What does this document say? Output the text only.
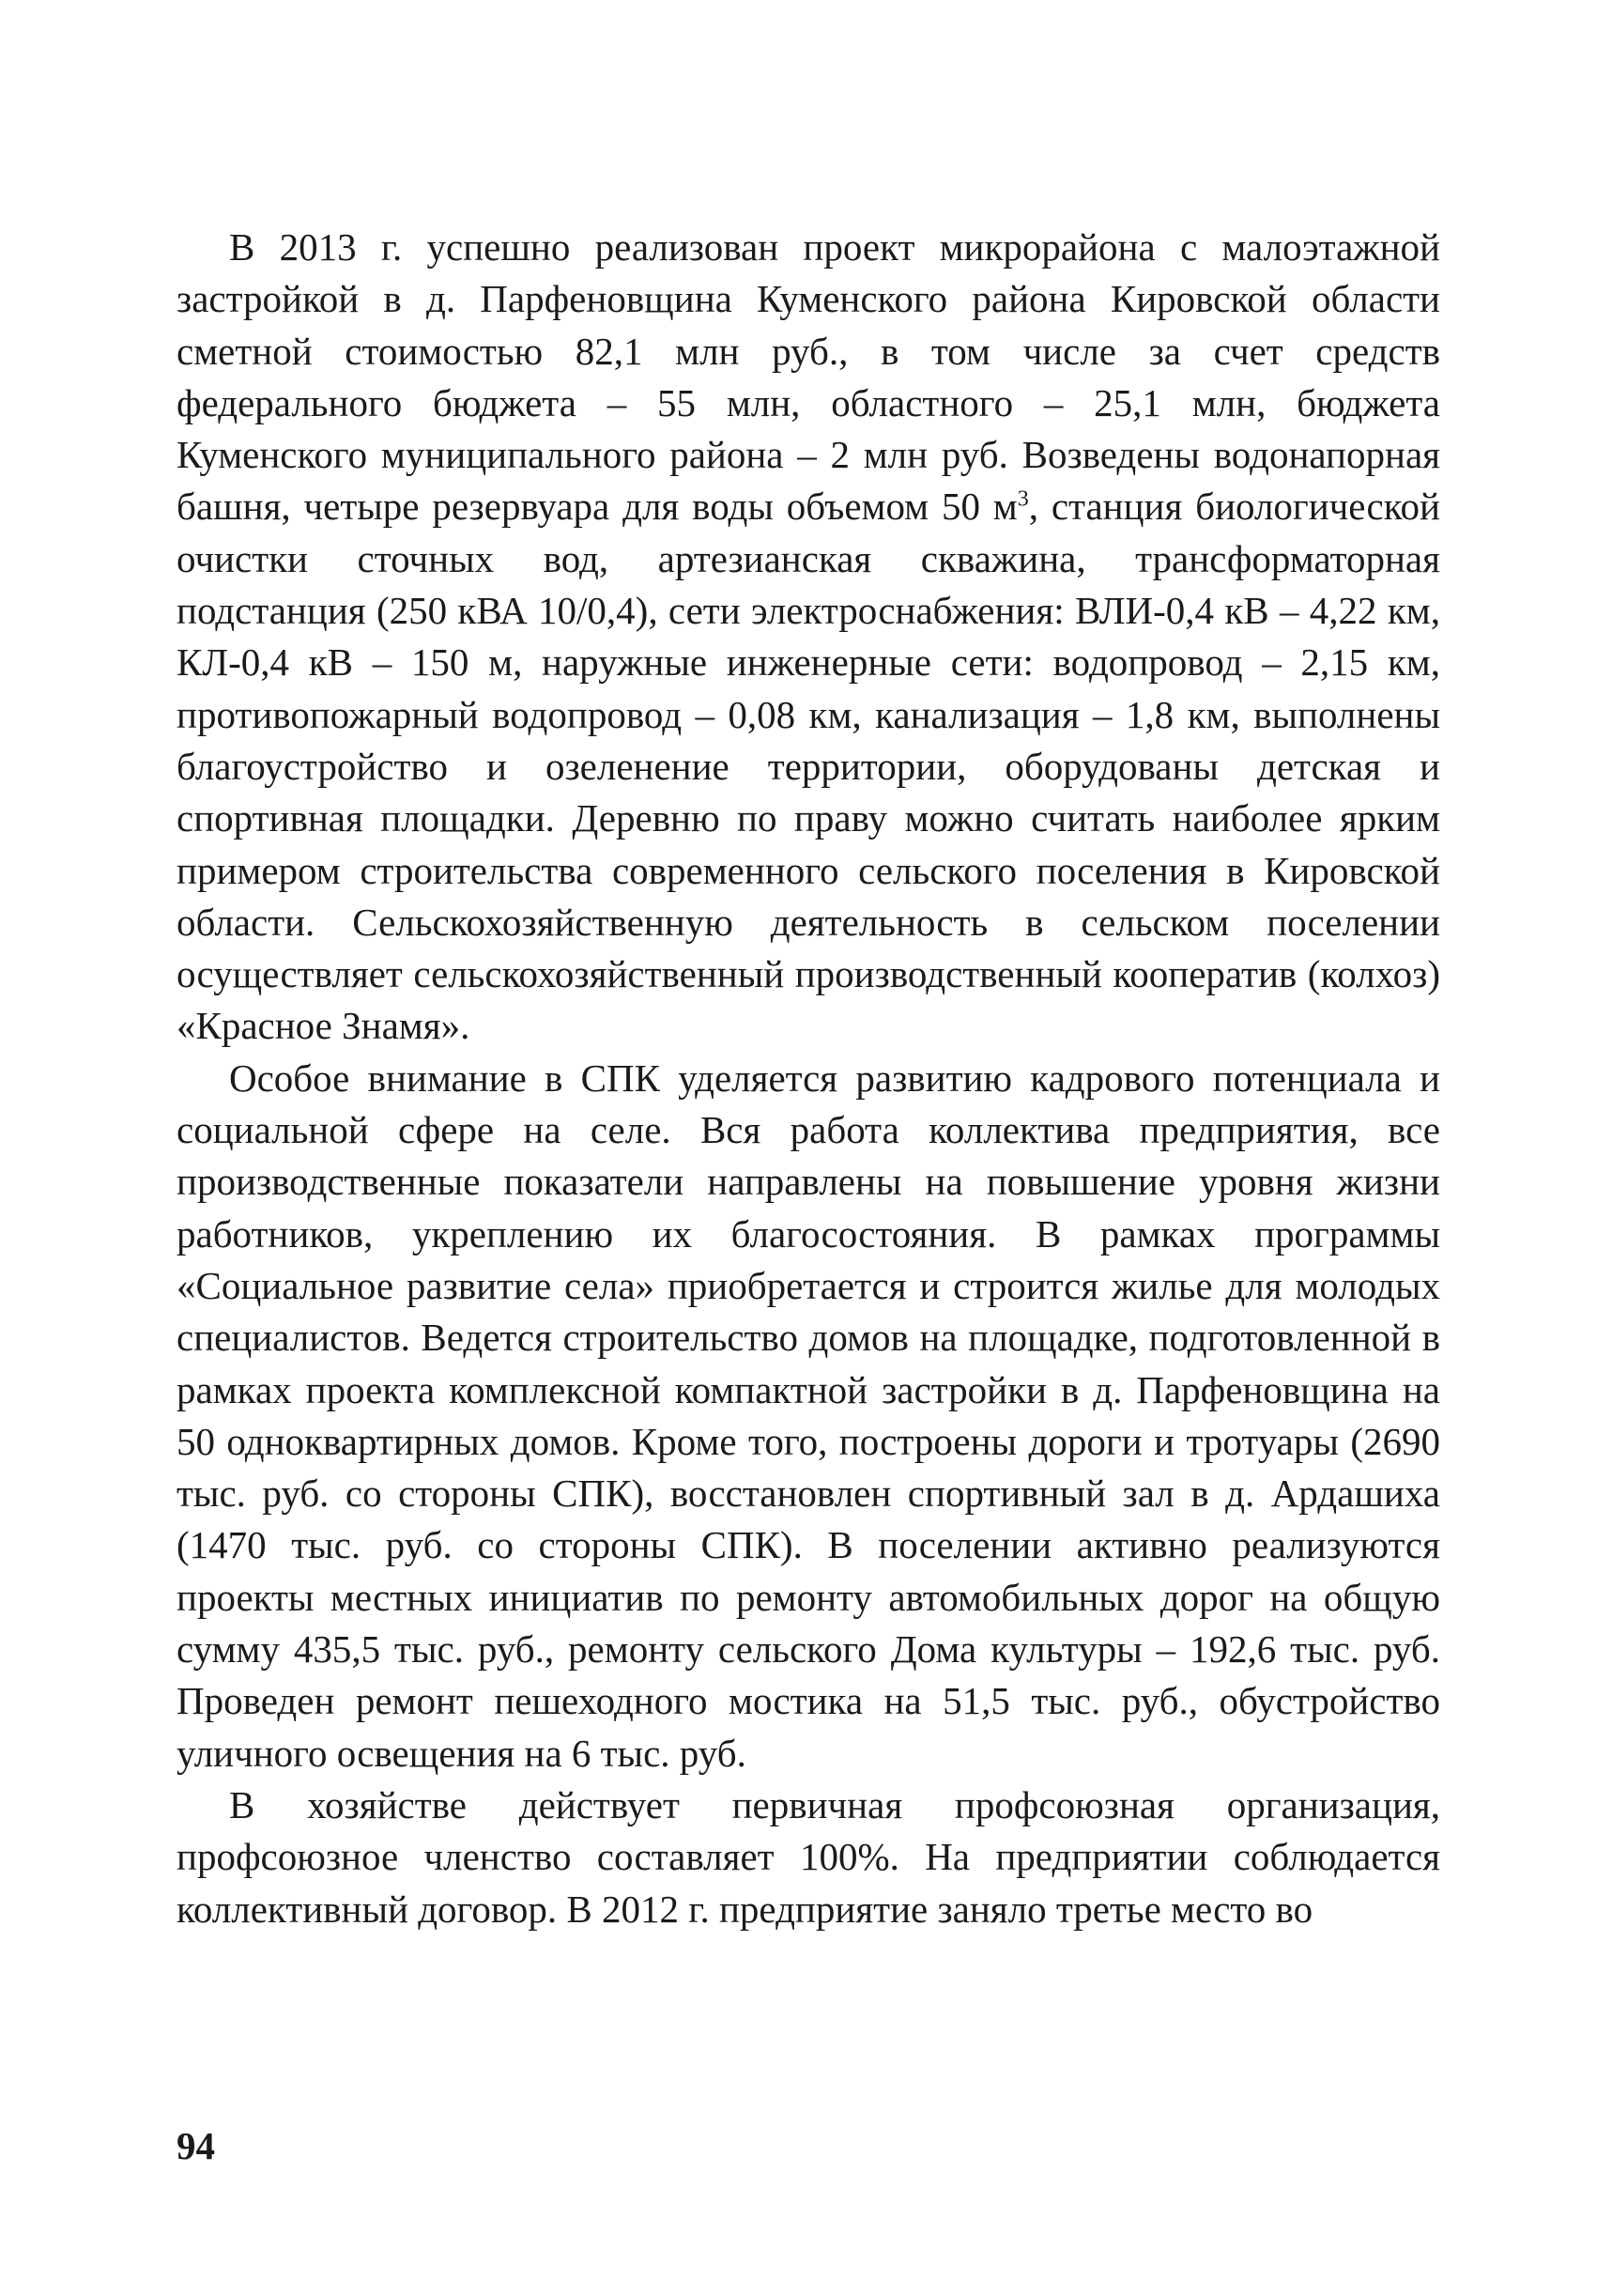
В 2013 г. успешно реализован проект микрорайона с малоэтажной застройкой в д. Парфеновщина Куменского района Кировской области сметной стоимостью 82,1 млн руб., в том числе за счет средств федерального бюджета – 55 млн, областного – 25,1 млн, бюджета Куменского муниципального района – 2 млн руб. Возведены водонапорная башня, четыре резервуара для воды объемом 50 $м^3$, станция биологической очистки сточных вод, артезианская скважина, трансформаторная подстанция (250 кВА 10/0,4), сети электроснабжения: ВЛИ-0,4 кВ – 4,22 км, КЛ-0,4 кВ – 150 м, наружные инженерные сети: водопровод – 2,15 км, противопожарный водопровод – 0,08 км, канализация – 1,8 км, выполнены благоустройство и озеленение территории, оборудованы детская и спортивная площадки. Деревню по праву можно считать наиболее ярким примером строительства современного сельского поселения в Кировской области. Сельскохозяйственную деятельность в сельском поселении осуществляет сельскохозяйственный производственный кооператив (колхоз) «Красное Знамя».

Особое внимание в СПК уделяется развитию кадрового потенциала и социальной сфере на селе. Вся работа коллектива предприятия, все производственные показатели направлены на повышение уровня жизни работников, укреплению их благосостояния. В рамках программы «Социальное развитие села» приобретается и строится жилье для молодых специалистов. Ведется строительство домов на площадке, подготовленной в рамках проекта комплексной компактной застройки в д. Парфеновщина на 50 одноквартирных домов. Кроме того, построены дороги и тротуары (2690 тыс. руб. со стороны СПК), восстановлен спортивный зал в д. Ардашиха (1470 тыс. руб. со стороны СПК). В поселении активно реализуются проекты местных инициатив по ремонту автомобильных дорог на общую сумму 435,5 тыс. руб., ремонту сельского Дома культуры – 192,6 тыс. руб. Проведен ремонт пешеходного мостика на 51,5 тыс. руб., обустройство уличного освещения на 6 тыс. руб.

В хозяйстве действует первичная профсоюзная организация, профсоюзное членство составляет 100%. На предприятии соблюдается коллективный договор. В 2012 г. предприятие заняло третье место во

94
